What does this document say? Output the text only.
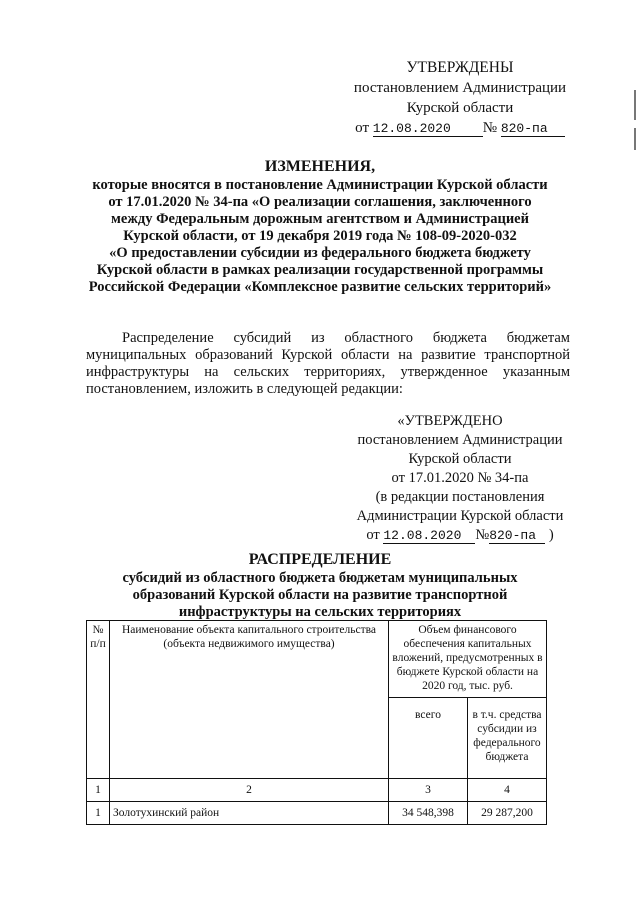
УТВЕРЖДЕНЫ
постановлением Администрации
Курской области
от 12.08.2020 № 820-па
ИЗМЕНЕНИЯ,
которые вносятся в постановление Администрации Курской области
от 17.01.2020 № 34-па «О реализации соглашения, заключенного
между Федеральным дорожным агентством и Администрацией
Курской области, от 19 декабря 2019 года № 108-09-2020-032
«О предоставлении субсидии из федерального бюджета бюджету
Курской области в рамках реализации государственной программы
Российской Федерации «Комплексное развитие сельских территорий»
Распределение субсидий из областного бюджета бюджетам муниципальных образований Курской области на развитие транспортной инфраструктуры на сельских территориях, утвержденное указанным постановлением, изложить в следующей редакции:
«УТВЕРЖДЕНО
постановлением Администрации
Курской области
от 17.01.2020 № 34-па
(в редакции постановления
Администрации Курской области
от 12.08.2020 №820-па )
РАСПРЕДЕЛЕНИЕ
субсидий из областного бюджета бюджетам муниципальных
образований Курской области на развитие транспортной
инфраструктуры на сельских территориях
№ п/п	Наименование объекта капитального строительства (объекта недвижимого имущества)	Объем финансового обеспечения капитальных вложений, предусмотренных в бюджете Курской области на 2020 год, тыс. руб.	
		всего	в т.ч. средства субсидии из федерального бюджета
1	2	3	4
1	Золотухинский район	34 548,398	29 287,200
